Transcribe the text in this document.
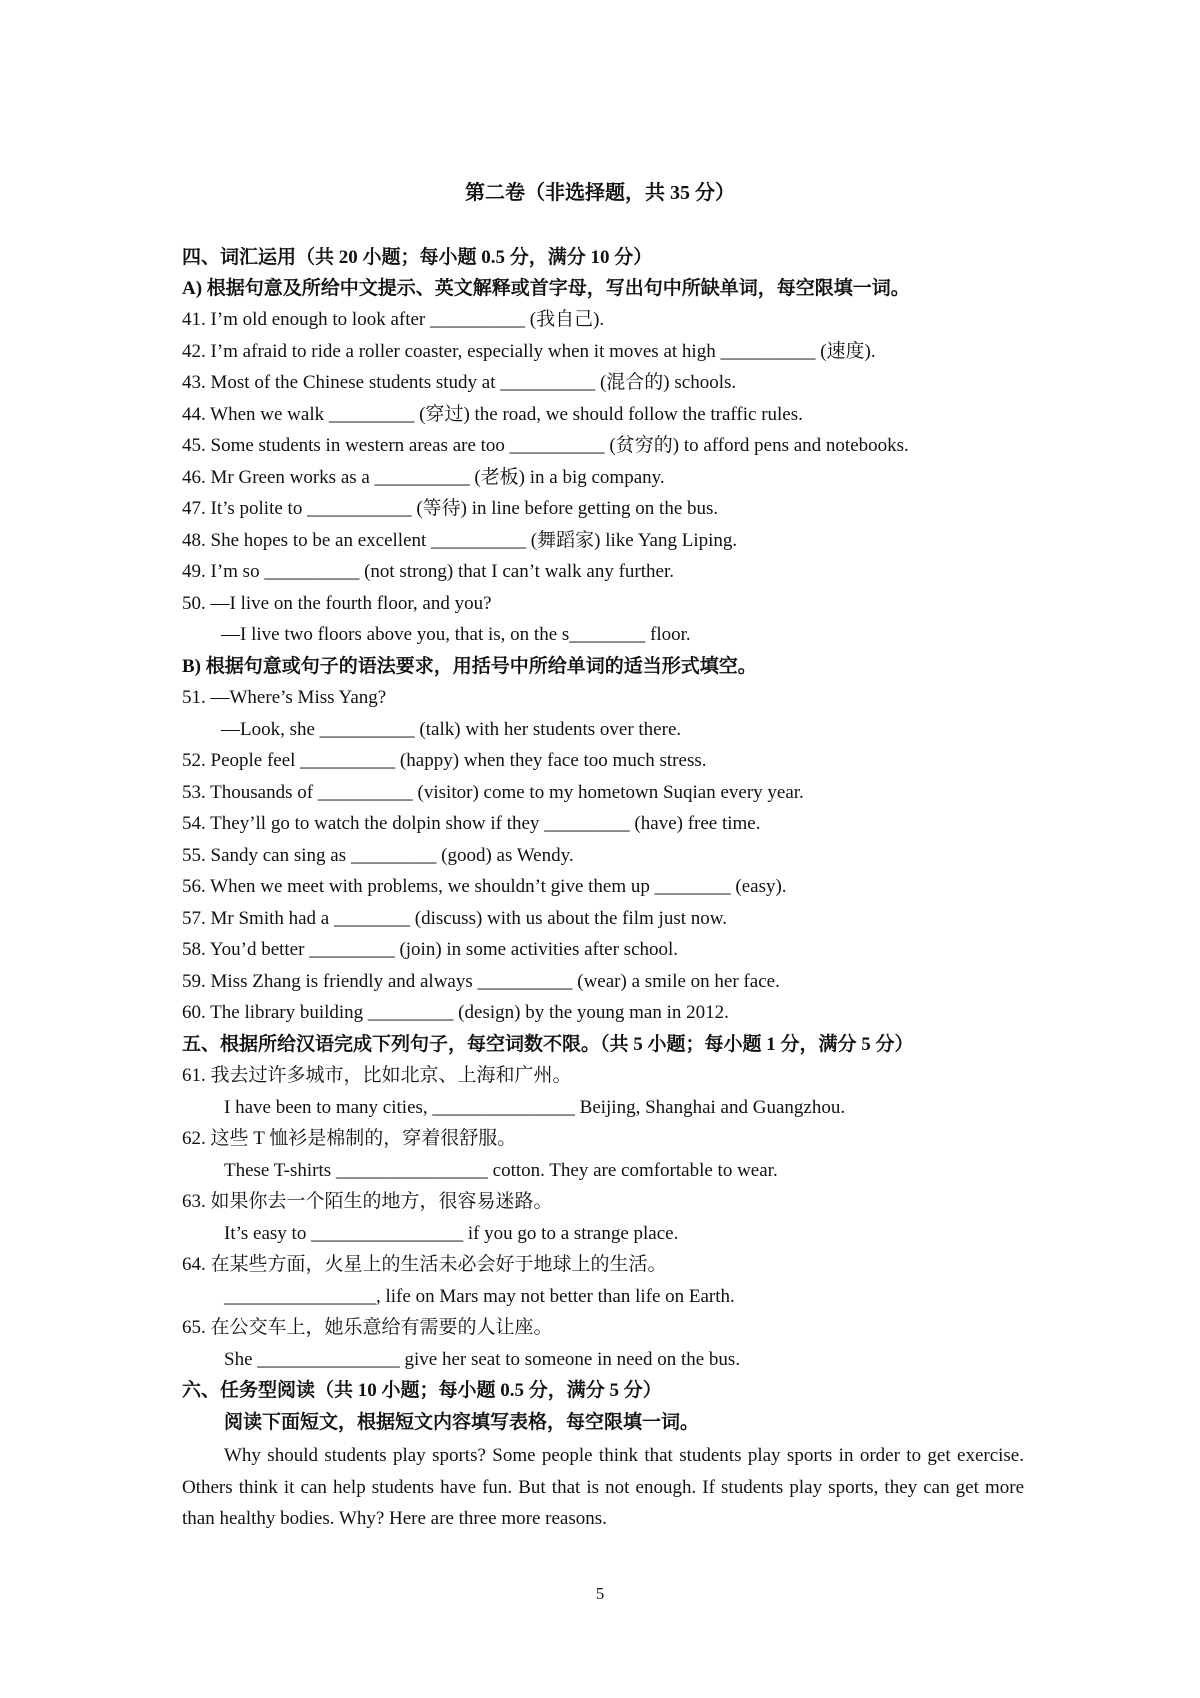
第二卷（非选择题，共 35 分）
四、词汇运用（共 20 小题；每小题 0.5 分，满分 10 分）
A) 根据句意及所给中文提示、英文解释或首字母，写出句中所缺单词，每空限填一词。
41. I’m old enough to look after __________ (我自己).
42. I’m afraid to ride a roller coaster, especially when it moves at high __________ (速度).
43. Most of the Chinese students study at __________ (混合的) schools.
44. When we walk _________ (穿过) the road, we should follow the traffic rules.
45. Some students in western areas are too __________ (贫穷的) to afford pens and notebooks.
46. Mr Green works as a __________ (老板) in a big company.
47. It’s polite to ___________ (等待) in line before getting on the bus.
48. She hopes to be an excellent __________ (舞蹈家) like Yang Liping.
49. I’m so __________ (not strong) that I can’t walk any further.
50. —I live on the fourth floor, and you?
—I live two floors above you, that is, on the s________ floor.
B) 根据句意或句子的语法要求，用括号中所给单词的适当形式填空。
51. —Where’s Miss Yang?
—Look, she __________ (talk) with her students over there.
52. People feel __________ (happy) when they face too much stress.
53. Thousands of __________ (visitor) come to my hometown Suqian every year.
54. They’ll go to watch the dolpin show if they _________ (have) free time.
55. Sandy can sing as _________ (good) as Wendy.
56. When we meet with problems, we shouldn’t give them up ________ (easy).
57. Mr Smith had a ________ (discuss) with us about the film just now.
58. You’d better _________ (join) in some activities after school.
59. Miss Zhang is friendly and always __________ (wear) a smile on her face.
60. The library building _________ (design) by the young man in 2012.
五、根据所给汉语完成下列句子，每空词数不限。（共 5 小题；每小题 1 分，满分 5 分）
61. 我去过许多城市，比如北京、上海和广州。
I have been to many cities, _______________ Beijing, Shanghai and Guangzhou.
62. 这些 T 恤衫是棉制的，穿着很舒服。
These T-shirts ________________ cotton. They are comfortable to wear.
63. 如果你去一个陌生的地方，很容易迷路。
It’s easy to ________________ if you go to a strange place.
64. 在某些方面，火星上的生活未必会好于地球上的生活。
________________, life on Mars may not better than life on Earth.
65. 在公交车上，她乐意给有需要的人让座。
She _______________ give her seat to someone in need on the bus.
六、任务型阅读（共 10 小题；每小题 0.5 分，满分 5 分）
阅读下面短文，根据短文内容填写表格，每空限填一词。
Why should students play sports? Some people think that students play sports in order to get exercise. Others think it can help students have fun. But that is not enough. If students play sports, they can get more than healthy bodies. Why? Here are three more reasons.
5
